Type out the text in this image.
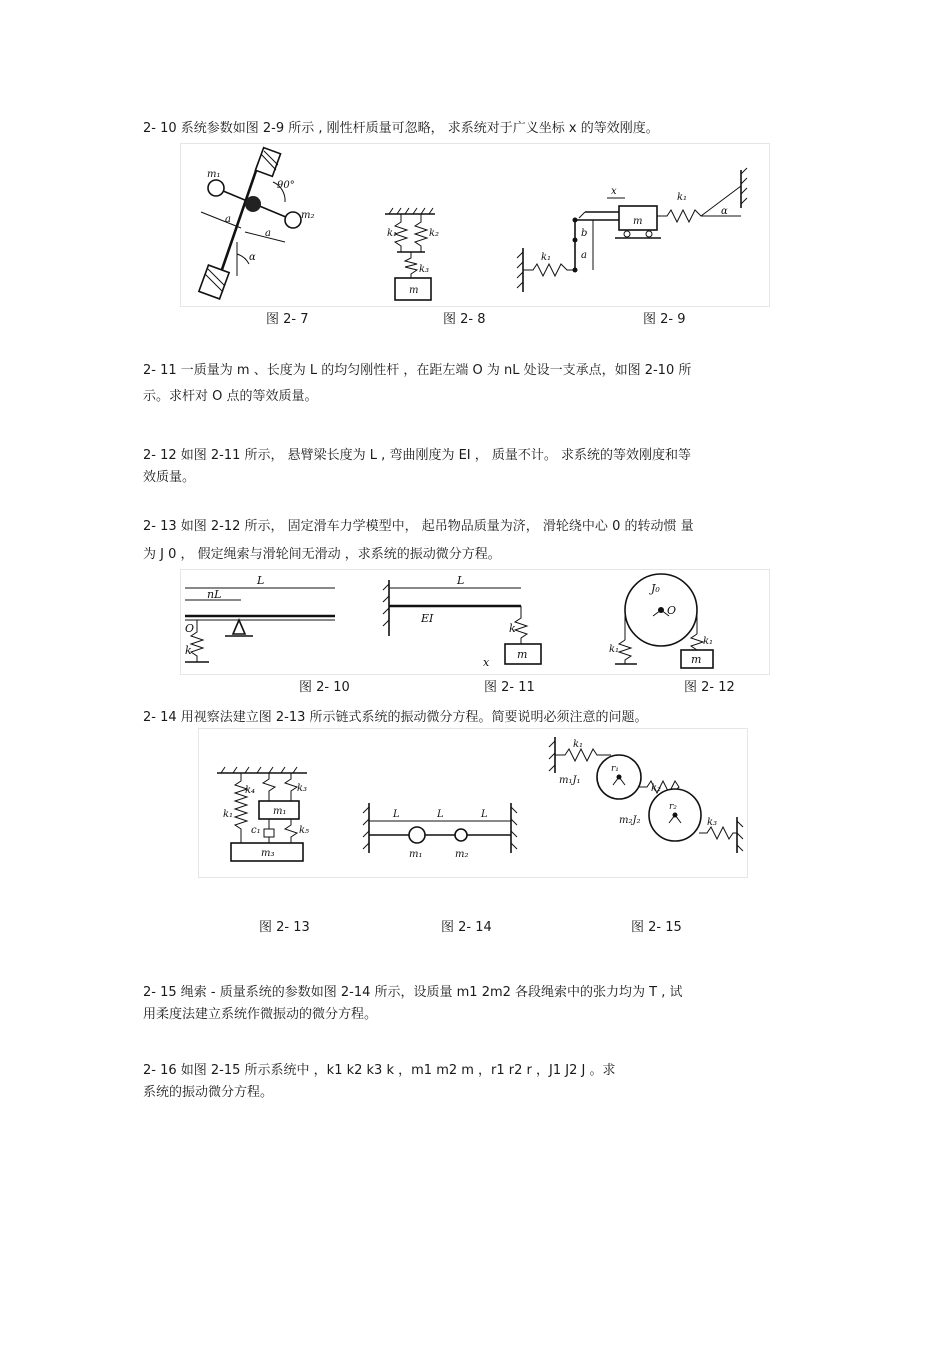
2- 10 系统参数如图 2-9 所示 , 刚性杆质量可忽略， 求系统对于广义坐标 x 的等效刚度。
m₁
m₂
90°
a
a
α
k₁	k₂
k₃
m
x
m
k₁
α
b
a
k₁
图 2- 7	图 2- 8	图 2- 9
2- 11 一质量为 m 、长度为 L 的均匀刚性杆 ，在距左端 O 为 nL 处设一支承点，如图 2-10 所
示。求杆对 O 点的等效质量。
2- 12 如图 2-11 所示， 悬臂梁长度为 L , 弯曲刚度为 EI ， 质量不计。 求系统的等效刚度和等
效质量。
2- 13 如图 2-12 所示， 固定滑车力学模型中， 起吊物品质量为济， 滑轮绕中心 0 的转动惯 量
为 J 0 ， 假定绳索与滑轮间无滑动 ，求系统的振动微分方程。
L
nL
O
k
L
EI
k
m
x
J₀
O
k₁
k₁
m
图 2- 10	图 2- 11	图 2- 12
2- 14 用视察法建立图 2-13 所示链式系统的振动微分方程。简要说明必须注意的问题。
k₄	k₃
m₁
k₁
c₁	k₅
m₃
L	L	L
m₁	m₂
k₁
m₁J₁
r₁
k₂
m₂J₂
r₂
k₃
图 2- 13	图 2- 14	图 2- 15
2- 15 绳索 - 质量系统的参数如图 2-14 所示，设质量 m1 2m2 各段绳索中的张力均为 T , 试
用柔度法建立系统作微振动的微分方程。
2- 16 如图 2-15 所示系统中 ，k1 k2 k3 k ，m1 m2 m ，r1 r2 r ，J1 J2 J 。求
系统的振动微分方程。
